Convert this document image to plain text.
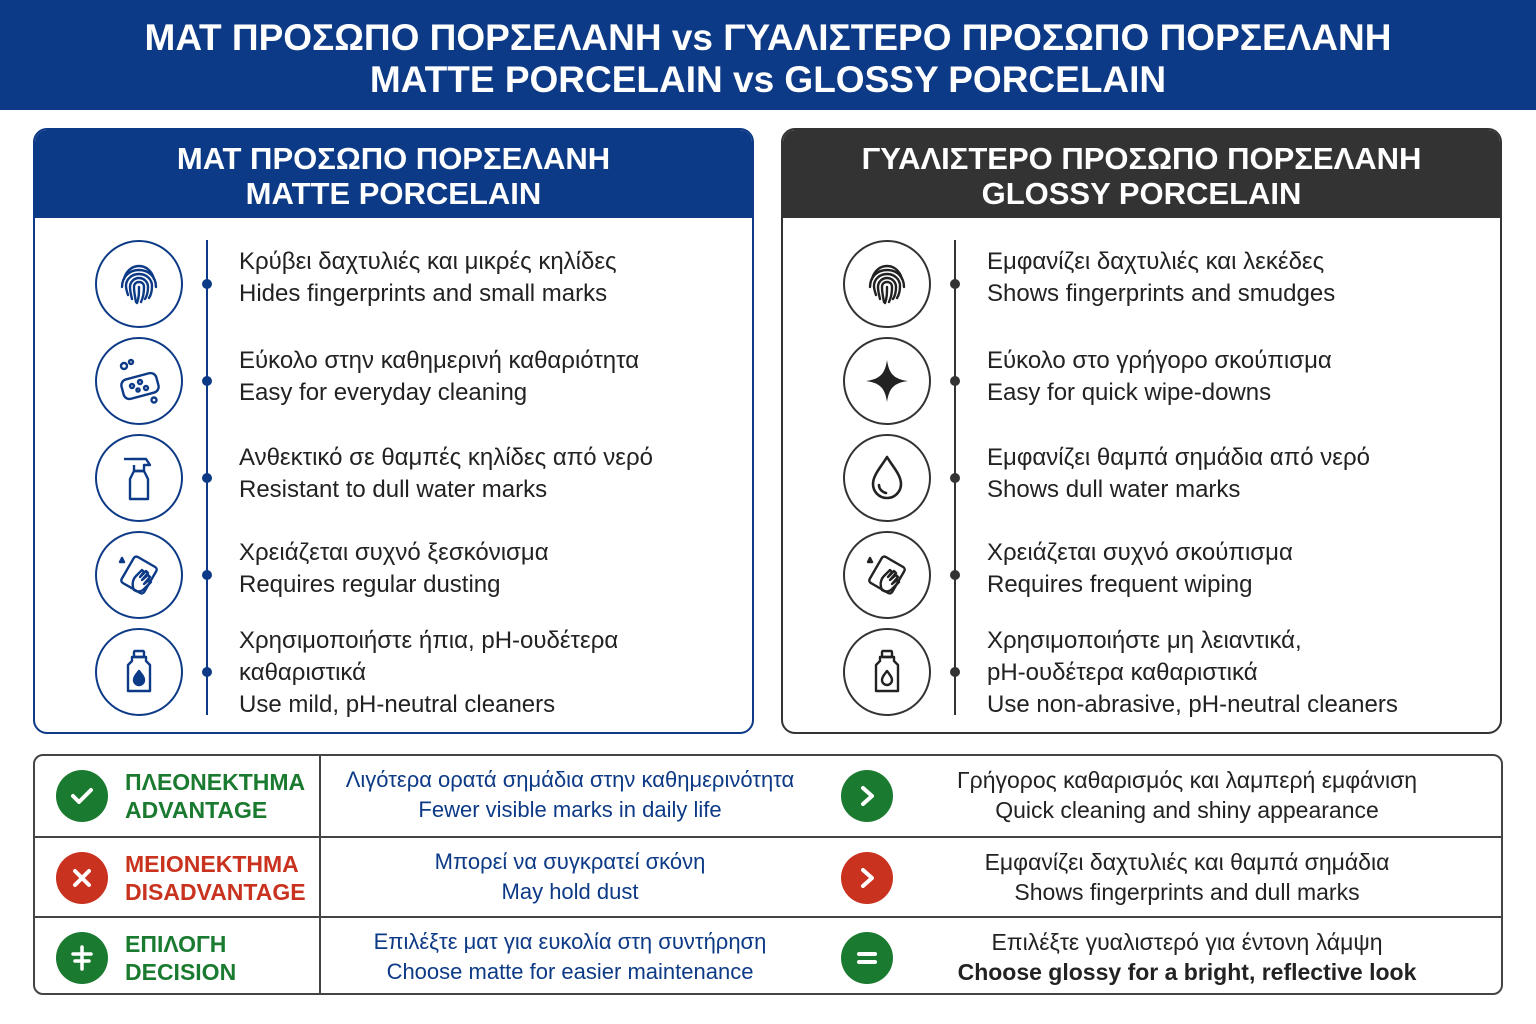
ΜΑΤ ΠΡΟΣΩΠΟ ΠΟΡΣΕΛΑΝΗ vs ΓΥΑΛΙΣΤΕΡΟ ΠΡΟΣΩΠΟ ΠΟΡΣΕΛΑΝΗ
MATTE PORCELAIN vs GLOSSY PORCELAIN
ΜΑΤ ΠΡΟΣΩΠΟ ΠΟΡΣΕΛΑΝΗ
MATTE PORCELAIN
Κρύβει δαχτυλιές και μικρές κηλίδες
Hides fingerprints and small marks
Εύκολο στην καθημερινή καθαριότητα
Easy for everyday cleaning
Ανθεκτικό σε θαμπές κηλίδες από νερό
Resistant to dull water marks
Χρειάζεται συχνό ξεσκόνισμα
Requires regular dusting
Χρησιμοποιήστε ήπια, pH-ουδέτερα
καθαριστικά
Use mild, pH-neutral cleaners
ΓΥΑΛΙΣΤΕΡΟ ΠΡΟΣΩΠΟ ΠΟΡΣΕΛΑΝΗ
GLOSSY PORCELAIN
Εμφανίζει δαχτυλιές και λεκέδες
Shows fingerprints and smudges
Εύκολο στο γρήγορο σκούπισμα
Easy for quick wipe-downs
Εμφανίζει θαμπά σημάδια από νερό
Shows dull water marks
Χρειάζεται συχνό σκούπισμα
Requires frequent wiping
Χρησιμοποιήστε μη λειαντικά,
pH-ουδέτερα καθαριστικά
Use non-abrasive, pH-neutral cleaners
ΠΛΕΟΝΕΚΤΗΜΑ
ADVANTAGE
Λιγότερα ορατά σημάδια στην καθημερινότητα
Fewer visible marks in daily life
Γρήγορος καθαρισμός και λαμπερή εμφάνιση
Quick cleaning and shiny appearance
ΜΕΙΟΝΕΚΤΗΜΑ
DISADVANTAGE
Μπορεί να συγκρατεί σκόνη
May hold dust
Εμφανίζει δαχτυλιές και θαμπά σημάδια
Shows fingerprints and dull marks
ΕΠΙΛΟΓΗ
DECISION
Επιλέξτε ματ για ευκολία στη συντήρηση
Choose matte for easier maintenance
Επιλέξτε γυαλιστερό για έντονη λάμψη
Choose glossy for a bright, reflective look
